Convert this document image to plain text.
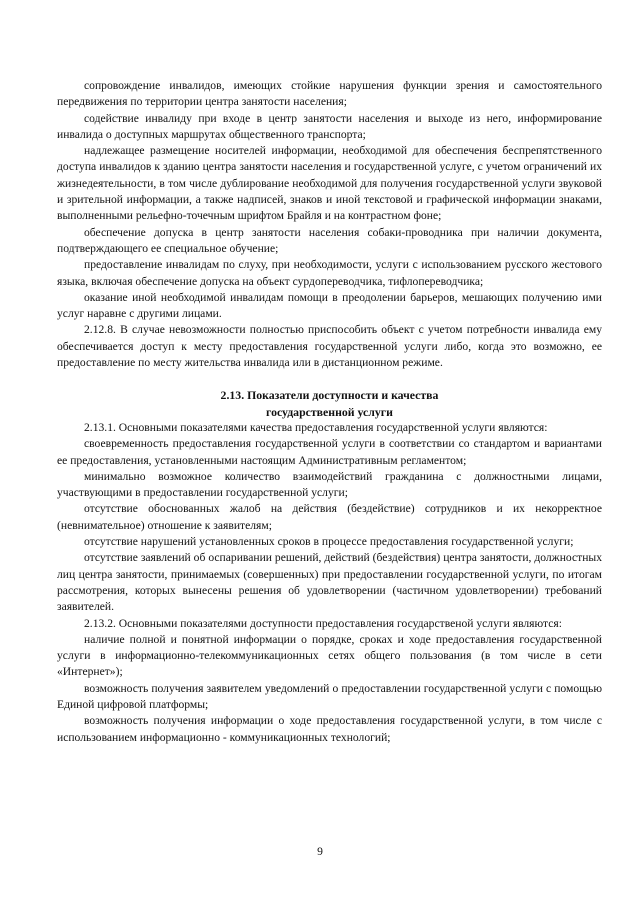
сопровождение инвалидов, имеющих стойкие нарушения функции зрения и самостоятельного передвижения по территории центра занятости населения;

содействие инвалиду при входе в центр занятости населения и выходе из него, информирование инвалида о доступных маршрутах общественного транспорта;

надлежащее размещение носителей информации, необходимой для обеспечения беспрепятственного доступа инвалидов к зданию центра занятости населения и государственной услуге, с учетом ограничений их жизнедеятельности, в том числе дублирование необходимой для получения государственной услуги звуковой и зрительной информации, а также надписей, знаков и иной текстовой и графической информации знаками, выполненными рельефно-точечным шрифтом Брайля и на контрастном фоне;

обеспечение допуска в центр занятости населения собаки-проводника при наличии документа, подтверждающего ее специальное обучение;

предоставление инвалидам по слуху, при необходимости, услуги с использованием русского жестового языка, включая обеспечение допуска на объект сурдопереводчика, тифлопереводчика;

оказание иной необходимой инвалидам помощи в преодолении барьеров, мешающих получению ими услуг наравне с другими лицами.

2.12.8. В случае невозможности полностью приспособить объект с учетом потребности инвалида ему обеспечивается доступ к месту предоставления государственной услуги либо, когда это возможно, ее предоставление по месту жительства инвалида или в дистанционном режиме.

2.13. Показатели доступности и качества

государственной услуги

2.13.1. Основными показателями качества предоставления государственной услуги являются:

своевременность предоставления государственной услуги в соответствии со стандартом и вариантами ее предоставления, установленными настоящим Административным регламентом;

минимально возможное количество взаимодействий гражданина с должностными лицами, участвующими в предоставлении государственной услуги;

отсутствие обоснованных жалоб на действия (бездействие) сотрудников и их некорректное (невнимательное) отношение к заявителям;

отсутствие нарушений установленных сроков в процессе предоставления государственной услуги;

отсутствие заявлений об оспаривании решений, действий (бездействия) центра занятости, должностных лиц центра занятости, принимаемых (совершенных) при предоставлении государственной услуги, по итогам рассмотрения, которых вынесены решения об удовлетворении (частичном удовлетворении) требований заявителей.

2.13.2. Основными показателями доступности предоставления государственой услуги являются:

наличие полной и понятной информации о порядке, сроках и ходе предоставления государственной услуги в информационно-телекоммуникационных сетях общего пользования (в том числе в сети «Интернет»);

возможность получения заявителем уведомлений о предоставлении государственной услуги с помощью Единой цифровой платформы;

возможность получения информации о ходе предоставления государственной услуги, в том числе с использованием информационно - коммуникационных технологий;

9
